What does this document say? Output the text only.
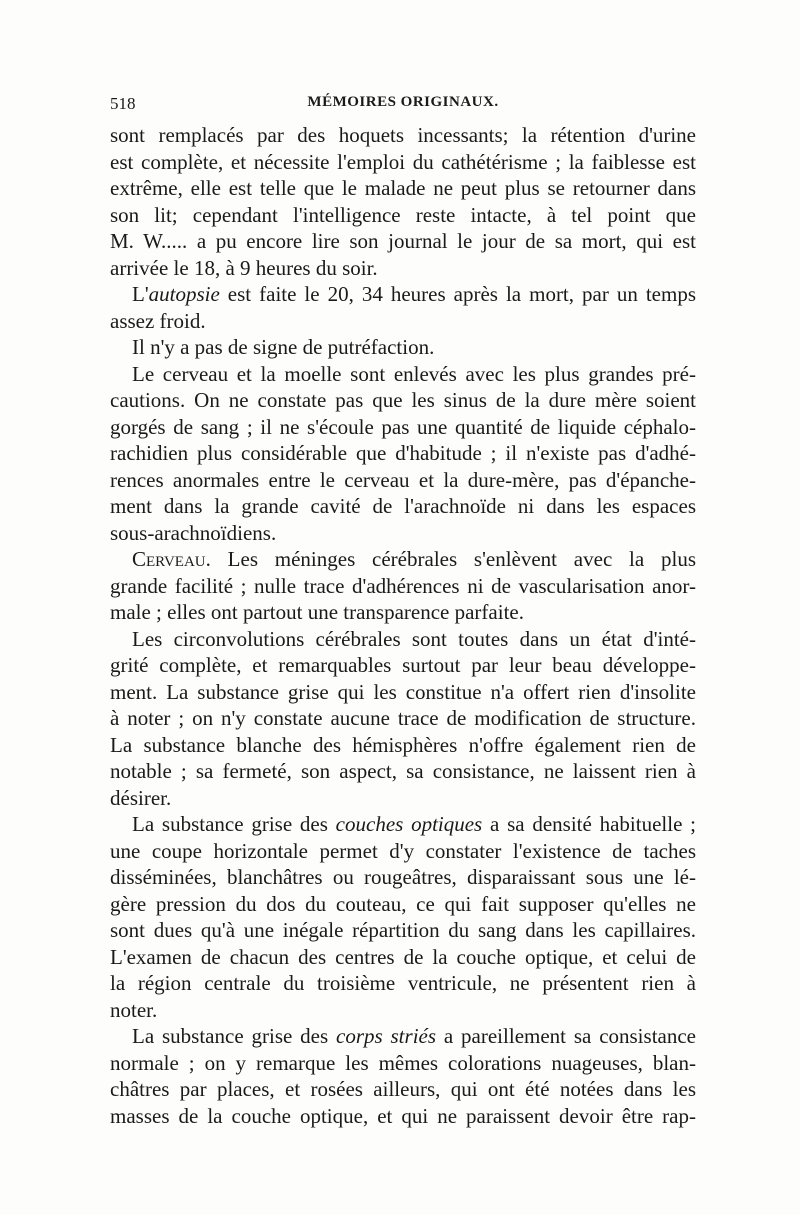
518	MÉMOIRES ORIGINAUX.
sont remplacés par des hoquets incessants; la rétention d'urine
est complète, et nécessite l'emploi du cathétérisme ; la faiblesse est
extrême, elle est telle que le malade ne peut plus se retourner dans
son lit; cependant l'intelligence reste intacte, à tel point que
M. W..... a pu encore lire son journal le jour de sa mort, qui est
arrivée le 18, à 9 heures du soir.
L'autopsie est faite le 20, 34 heures après la mort, par un temps
assez froid.
Il n'y a pas de signe de putréfaction.
Le cerveau et la moelle sont enlevés avec les plus grandes pré-
cautions. On ne constate pas que les sinus de la dure mère soient
gorgés de sang ; il ne s'écoule pas une quantité de liquide céphalo-
rachidien plus considérable que d'habitude ; il n'existe pas d'adhé-
rences anormales entre le cerveau et la dure-mère, pas d'épanche-
ment dans la grande cavité de l'arachnoïde ni dans les espaces
sous-arachnoïdiens.
Cerveau. Les méninges cérébrales s'enlèvent avec la plus
grande facilité ; nulle trace d'adhérences ni de vascularisation anor-
male ; elles ont partout une transparence parfaite.
Les circonvolutions cérébrales sont toutes dans un état d'inté-
grité complète, et remarquables surtout par leur beau développe-
ment. La substance grise qui les constitue n'a offert rien d'insolite
à noter ; on n'y constate aucune trace de modification de structure.
La substance blanche des hémisphères n'offre également rien de
notable ; sa fermeté, son aspect, sa consistance, ne laissent rien à
désirer.
La substance grise des couches optiques a sa densité habituelle ;
une coupe horizontale permet d'y constater l'existence de taches
disséminées, blanchâtres ou rougeâtres, disparaissant sous une lé-
gère pression du dos du couteau, ce qui fait supposer qu'elles ne
sont dues qu'à une inégale répartition du sang dans les capillaires.
L'examen de chacun des centres de la couche optique, et celui de
la région centrale du troisième ventricule, ne présentent rien à
noter.
La substance grise des corps striés a pareillement sa consistance
normale ; on y remarque les mêmes colorations nuageuses, blan-
châtres par places, et rosées ailleurs, qui ont été notées dans les
masses de la couche optique, et qui ne paraissent devoir être rap-
